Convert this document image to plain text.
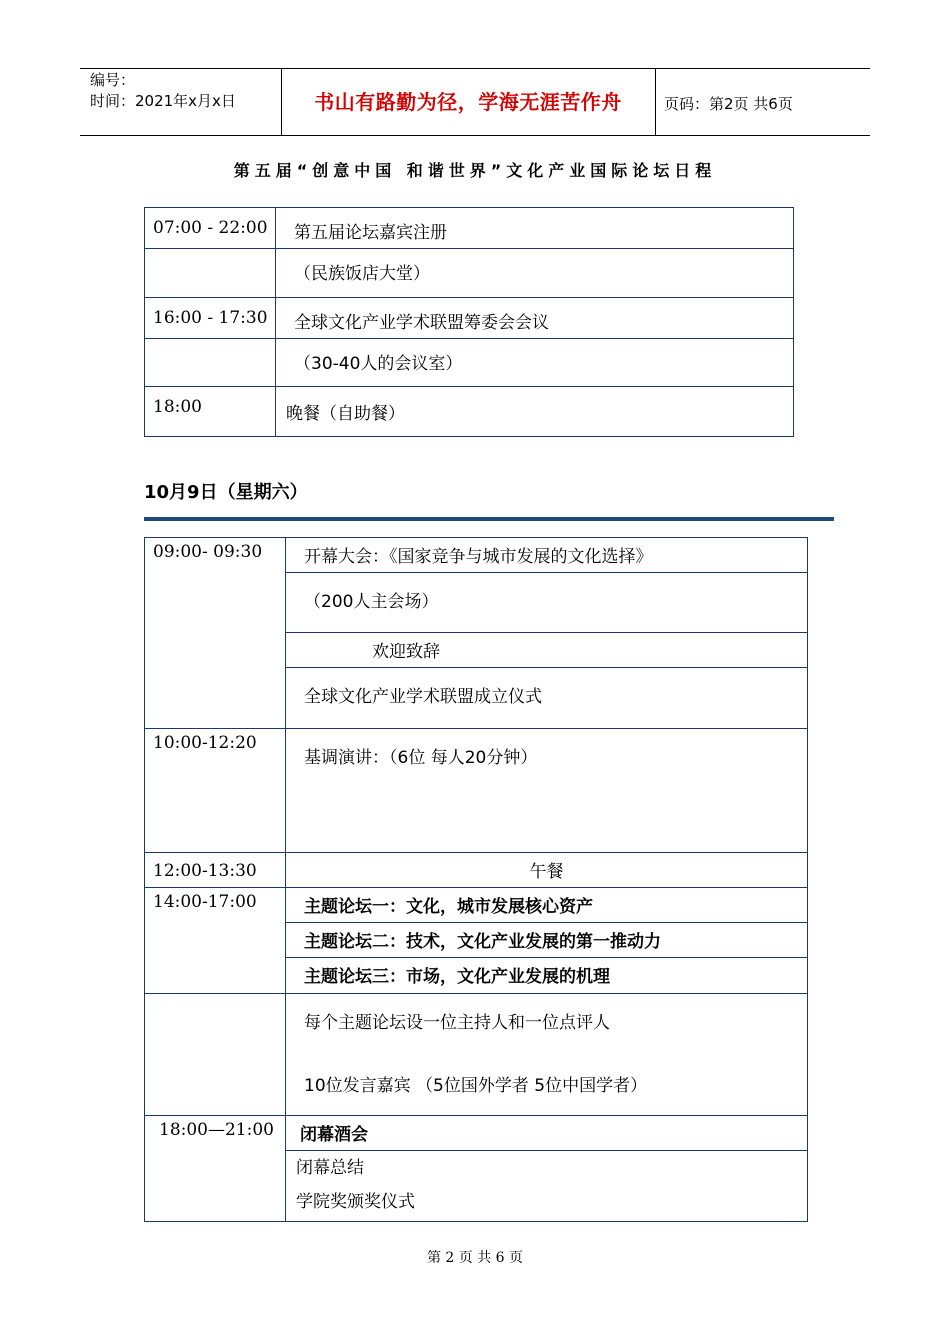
编号：
时间：2021年x月x日	书山有路勤为径，学海无涯苦作舟	页码：第2页 共6页
第五届“创意中国 和谐世界”文化产业国际论坛日程
07:00 - 22:00	第五届论坛嘉宾注册
	（民族饭店大堂）
16:00 - 17:30	全球文化产业学术联盟筹委会会议
	（30-40人的会议室）
18:00	晚餐（自助餐）
10月9日（星期六）
09:00- 09:30	开幕大会：《国家竞争与城市发展的文化选择》
	（200人主会场）
	欢迎致辞
	全球文化产业学术联盟成立仪式
10:00-12:20	基调演讲：（6位 每人20分钟）
12:00-13:30	午餐
14:00-17:00	主题论坛一：文化，城市发展核心资产
	主题论坛二：技术，文化产业发展的第一推动力
	主题论坛三：市场，文化产业发展的机理

	每个主题论坛设一位主持人和一位点评人
10位发言嘉宾 （5位国外学者 5位中国学者）

18:00—21:00	闭幕酒会

	闭幕总结
学院奖颁奖仪式
第 2 页 共 6 页
